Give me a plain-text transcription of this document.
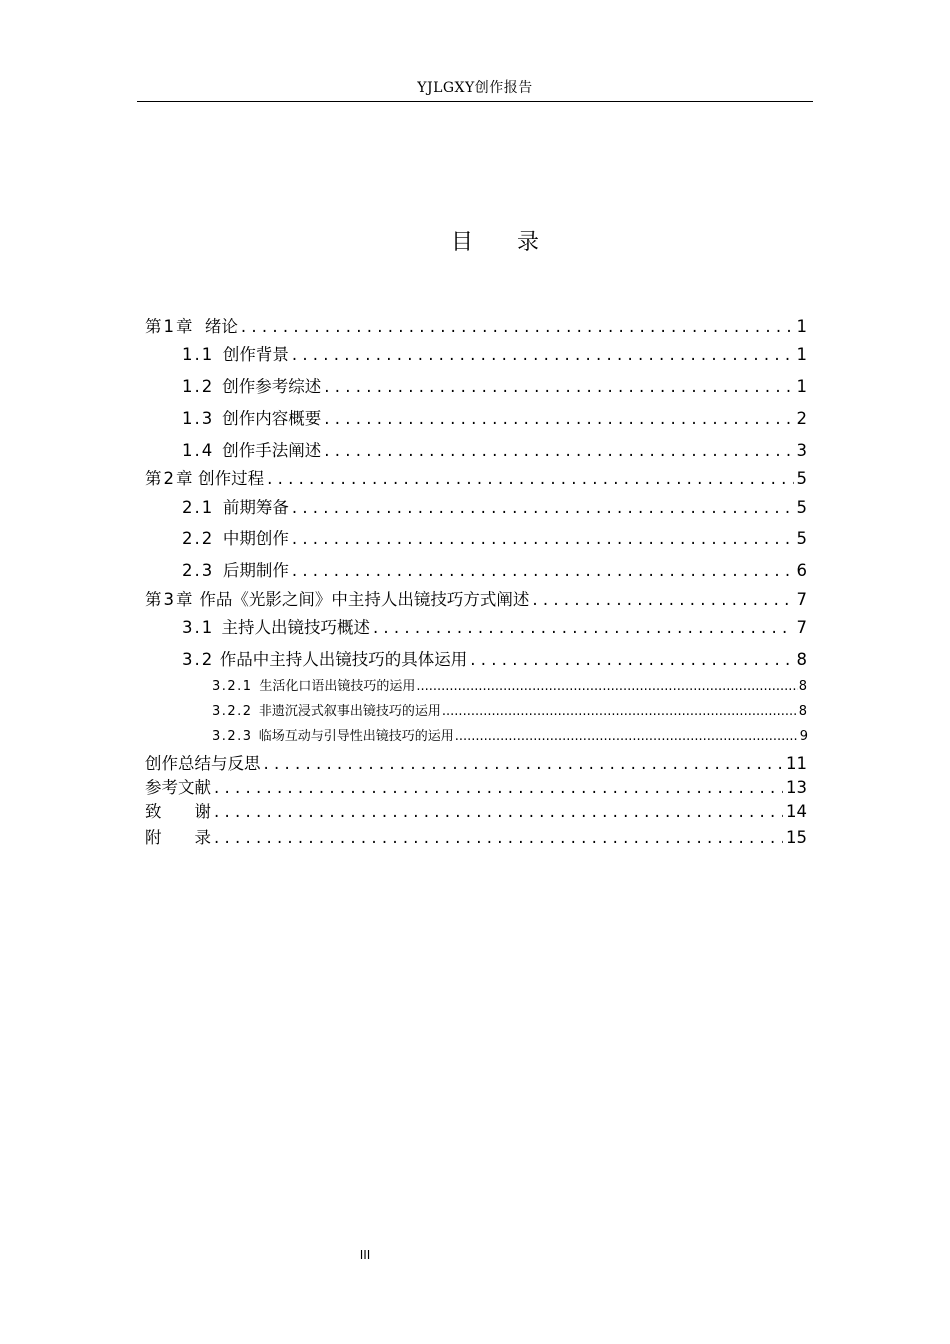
YJLGXY创作报告
目　　录
第1章 绪论 . . .	1
1.1 创作背景 . . .	1
1.2 创作参考综述 . . .	1
1.3 创作内容概要 . . .	2
1.4 创作手法阐述 . . .	3
第2章 创作过程 . . .	5
2.1 前期筹备 . . .	5
2.2 中期创作 . . .	5
2.3 后期制作 . . .	6
第3章 作品《光影之间》中主持人出镜技巧方式阐述 . . .	7
3.1 主持人出镜技巧概述 . . .	7
3.2 作品中主持人出镜技巧的具体运用 . . .	8
3.2.1 生活化口语出镜技巧的运用 .....	8
3.2.2 非遗沉浸式叙事出镜技巧的运用 .....	8
3.2.3 临场互动与引导性出镜技巧的运用 .....	9
创作总结与反思 . . .	11
参考文献 . . .	13
致　　谢 . . .	14
附　　录 . . .	15
III
